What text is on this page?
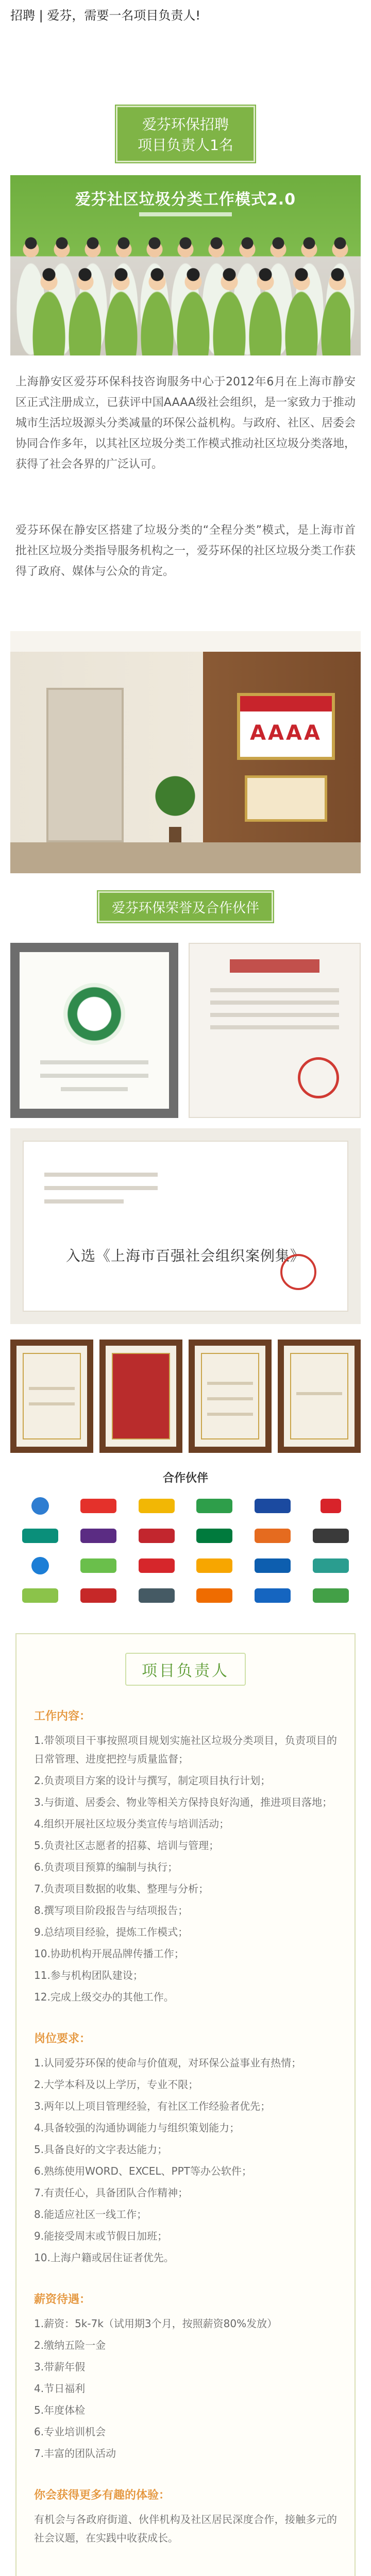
招聘 | 爱芬，需要一名项目负责人!
爱芬环保招聘
项目负责人1名
爱芬社区垃圾分类工作模式2.0

上海静安区爱芬环保科技咨询服务中心于2012年6月在上海市静安区正式注册成立，已获评中国AAAA级社会组织，是一家致力于推动城市生活垃圾源头分类减量的环保公益机构。与政府、社区、居委会协同合作多年，以其社区垃圾分类工作模式推动社区垃圾分类落地，获得了社会各界的广泛认可。

爱芬环保在静安区搭建了垃圾分类的“全程分类”模式，是上海市首批社区垃圾分类指导服务机构之一，爱芬环保的社区垃圾分类工作获得了政府、媒体与公众的肯定。

AAAA
爱芬环保荣誉及合作伙伴
入选《上海市百强社会组织案例集》
合作伙伴
项目负责人
工作内容：
1.带领项目干事按照项目规划实施社区垃圾分类项目，负责项目的日常管理、进度把控与质量监督；
2.负责项目方案的设计与撰写，制定项目执行计划；
3.与街道、居委会、物业等相关方保持良好沟通，推进项目落地；
4.组织开展社区垃圾分类宣传与培训活动；
5.负责社区志愿者的招募、培训与管理；
6.负责项目预算的编制与执行；
7.负责项目数据的收集、整理与分析；
8.撰写项目阶段报告与结项报告；
9.总结项目经验，提炼工作模式；
10.协助机构开展品牌传播工作；
11.参与机构团队建设；
12.完成上级交办的其他工作。
岗位要求：
1.认同爱芬环保的使命与价值观，对环保公益事业有热情；
2.大学本科及以上学历，专业不限；
3.两年以上项目管理经验，有社区工作经验者优先；
4.具备较强的沟通协调能力与组织策划能力；
5.具备良好的文字表达能力；
6.熟练使用WORD、EXCEL、PPT等办公软件；
7.有责任心，具备团队合作精神；
8.能适应社区一线工作；
9.能接受周末或节假日加班；
10.上海户籍或居住证者优先。
薪资待遇：
1.薪资：5k-7k（试用期3个月，按照薪资80%发放）
2.缴纳五险一金
3.带薪年假
4.节日福利
5.年度体检
6.专业培训机会
7.丰富的团队活动
你会获得更多有趣的体验：
有机会与各政府街道、伙伴机构及社区居民深度合作，接触多元的社会议题，在实践中收获成长。
